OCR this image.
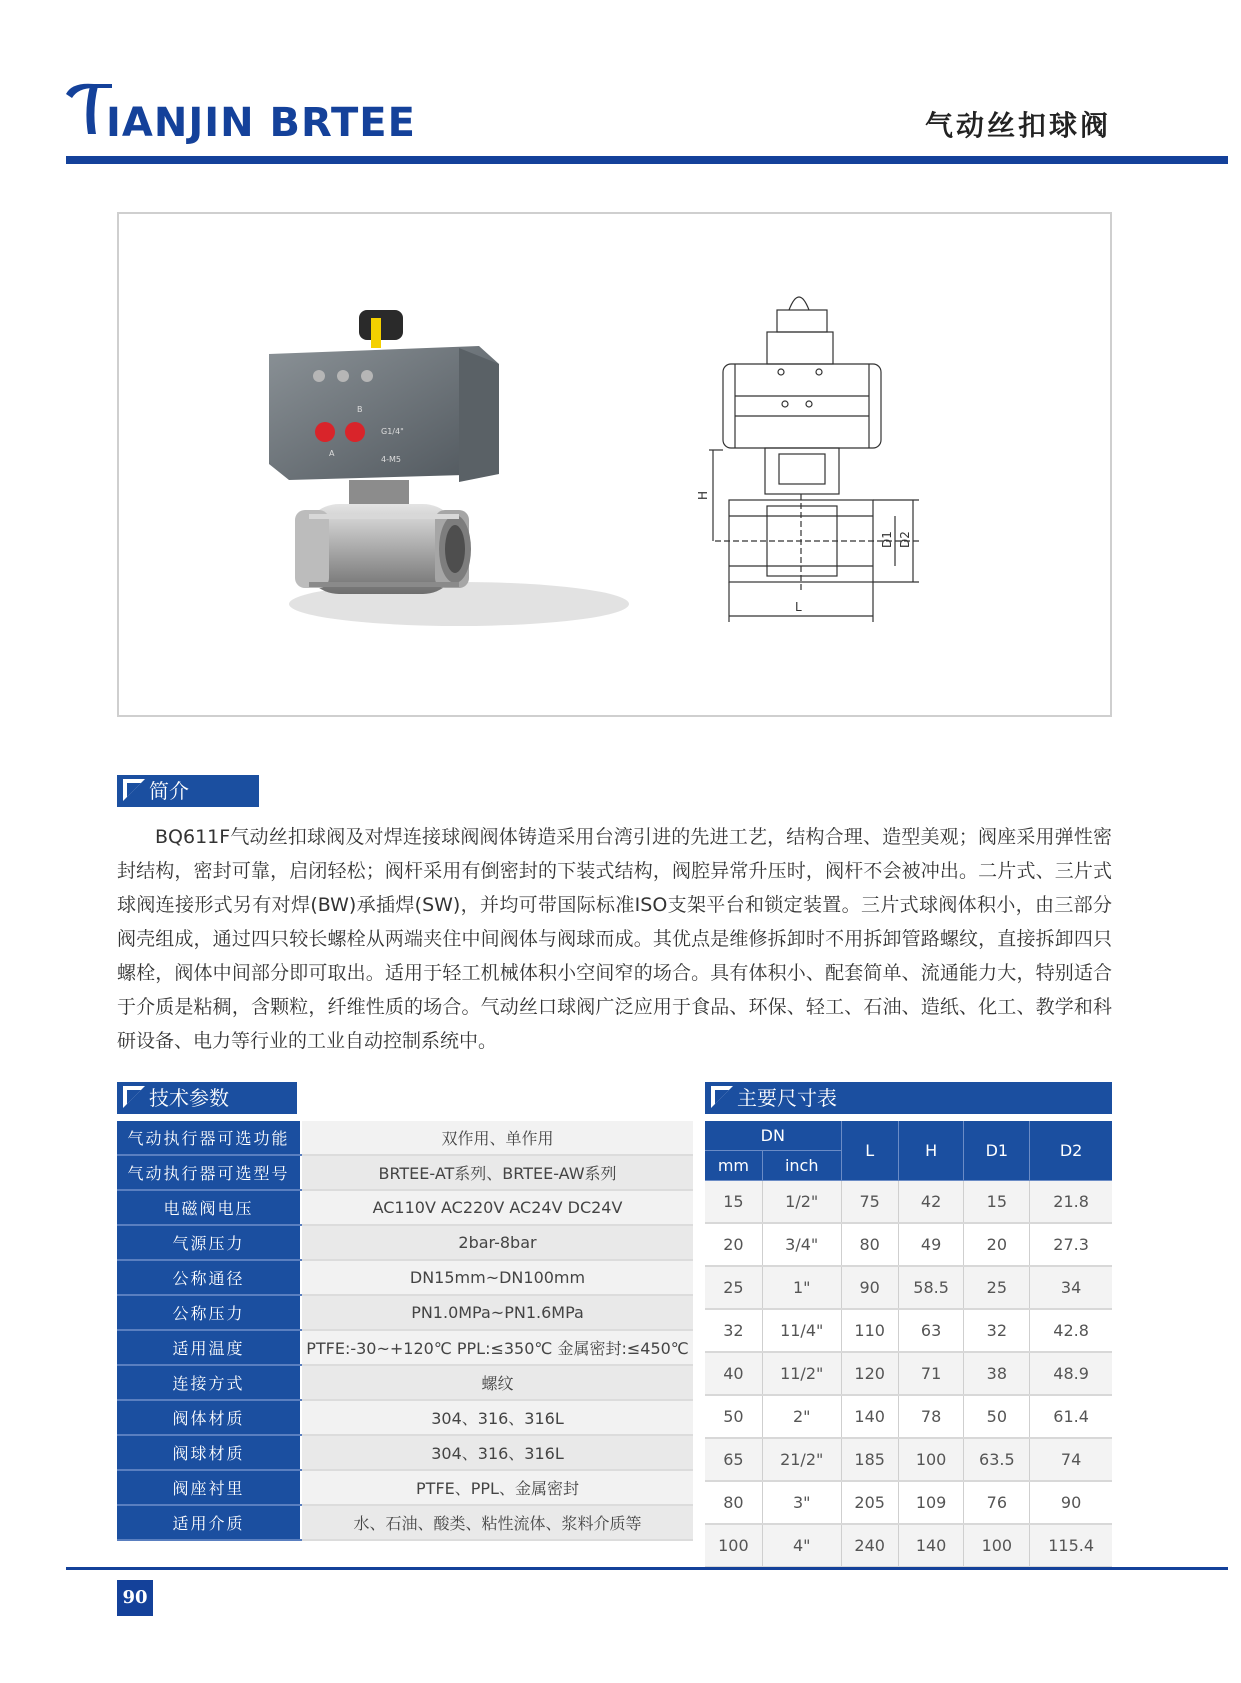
IANJIN BRTEE	气动丝扣球阀
B
A
G1/4"
4-M5
H
D1 D2
L
简介
BQ611F气动丝扣球阀及对焊连接球阀阀体铸造采用台湾引进的先进工艺，结构合理、造型美观；阀座采用弹性密封结构，密封可靠，启闭轻松；阀杆采用有倒密封的下装式结构，阀腔异常升压时，阀杆不会被冲出。二片式、三片式球阀连接形式另有对焊(BW)承插焊(SW)，并均可带国际标准ISO支架平台和锁定装置。三片式球阀体积小，由三部分阀壳组成，通过四只较长螺栓从两端夹住中间阀体与阀球而成。其优点是维修拆卸时不用拆卸管路螺纹，直接拆卸四只螺栓，阀体中间部分即可取出。适用于轻工机械体积小空间窄的场合。具有体积小、配套简单、流通能力大，特别适合于介质是粘稠，含颗粒，纤维性质的场合。气动丝口球阀广泛应用于食品、环保、轻工、石油、造纸、化工、教学和科研设备、电力等行业的工业自动控制系统中。
技术参数
气动执行器可选功能	双作用、单作用
气动执行器可选型号	BRTEE-AT系列、BRTEE-AW系列
电磁阀电压	AC110V AC220V AC24V DC24V
气源压力	2bar-8bar
公称通径	DN15mm~DN100mm
公称压力	PN1.0MPa~PN1.6MPa
适用温度	PTFE:-30~+120℃ PPL:≤350℃ 金属密封:≤450℃
连接方式	螺纹
阀体材质	304、316、316L
阀球材质	304、316、316L
阀座衬里	PTFE、PPL、金属密封
适用介质	水、石油、酸类、粘性流体、浆料介质等
主要尺寸表
DN		L	H	D1	D2
mm	inch				
15	1/2"	75	42	15	21.8
20	3/4"	80	49	20	27.3
25	1"	90	58.5	25	34
32	11/4"	110	63	32	42.8
40	11/2"	120	71	38	48.9
50	2"	140	78	50	61.4
65	21/2"	185	100	63.5	74
80	3"	205	109	76	90
100	4"	240	140	100	115.4
90
